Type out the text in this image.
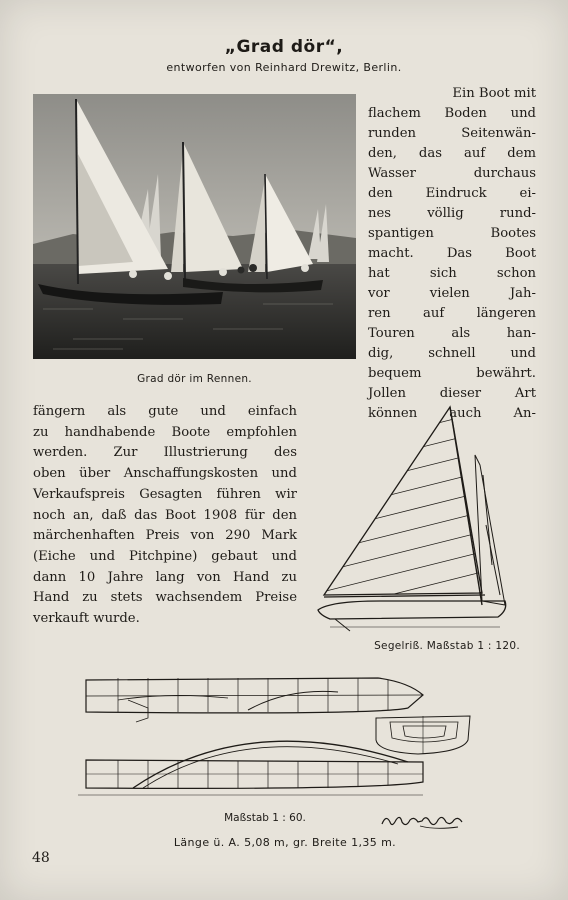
„Grad dör“,
entworfen von Reinhard Drewitz, Berlin.
Grad dör im Rennen.
Ein Boot mit
flachem Boden und
runden Seitenwän-
den, das auf dem
Wasser durchaus
den Eindruck ei-
nes völlig rund-
spantigen Bootes
macht. Das Boot
hat sich schon
vor vielen Jah-
ren auf längeren
Touren als han-
dig, schnell und
bequem bewährt.
Jollen dieser Art
können auch An-
fängern als gute und einfach
zu handhabende Boote empfohlen
werden. Zur Illustrierung des
oben über Anschaffungskosten und
Verkaufspreis Gesagten führen wir
noch an, daß das Boot 1908 für den
märchenhaften Preis von 290 Mark
(Eiche und Pitchpine) gebaut und
dann 10 Jahre lang von Hand zu
Hand zu stets wachsendem Preise
verkauft wurde.
Segelriß. Maßstab 1 : 120.
Maßstab 1 : 60.
Länge ü. A. 5,08 m, gr. Breite 1,35 m.
48
